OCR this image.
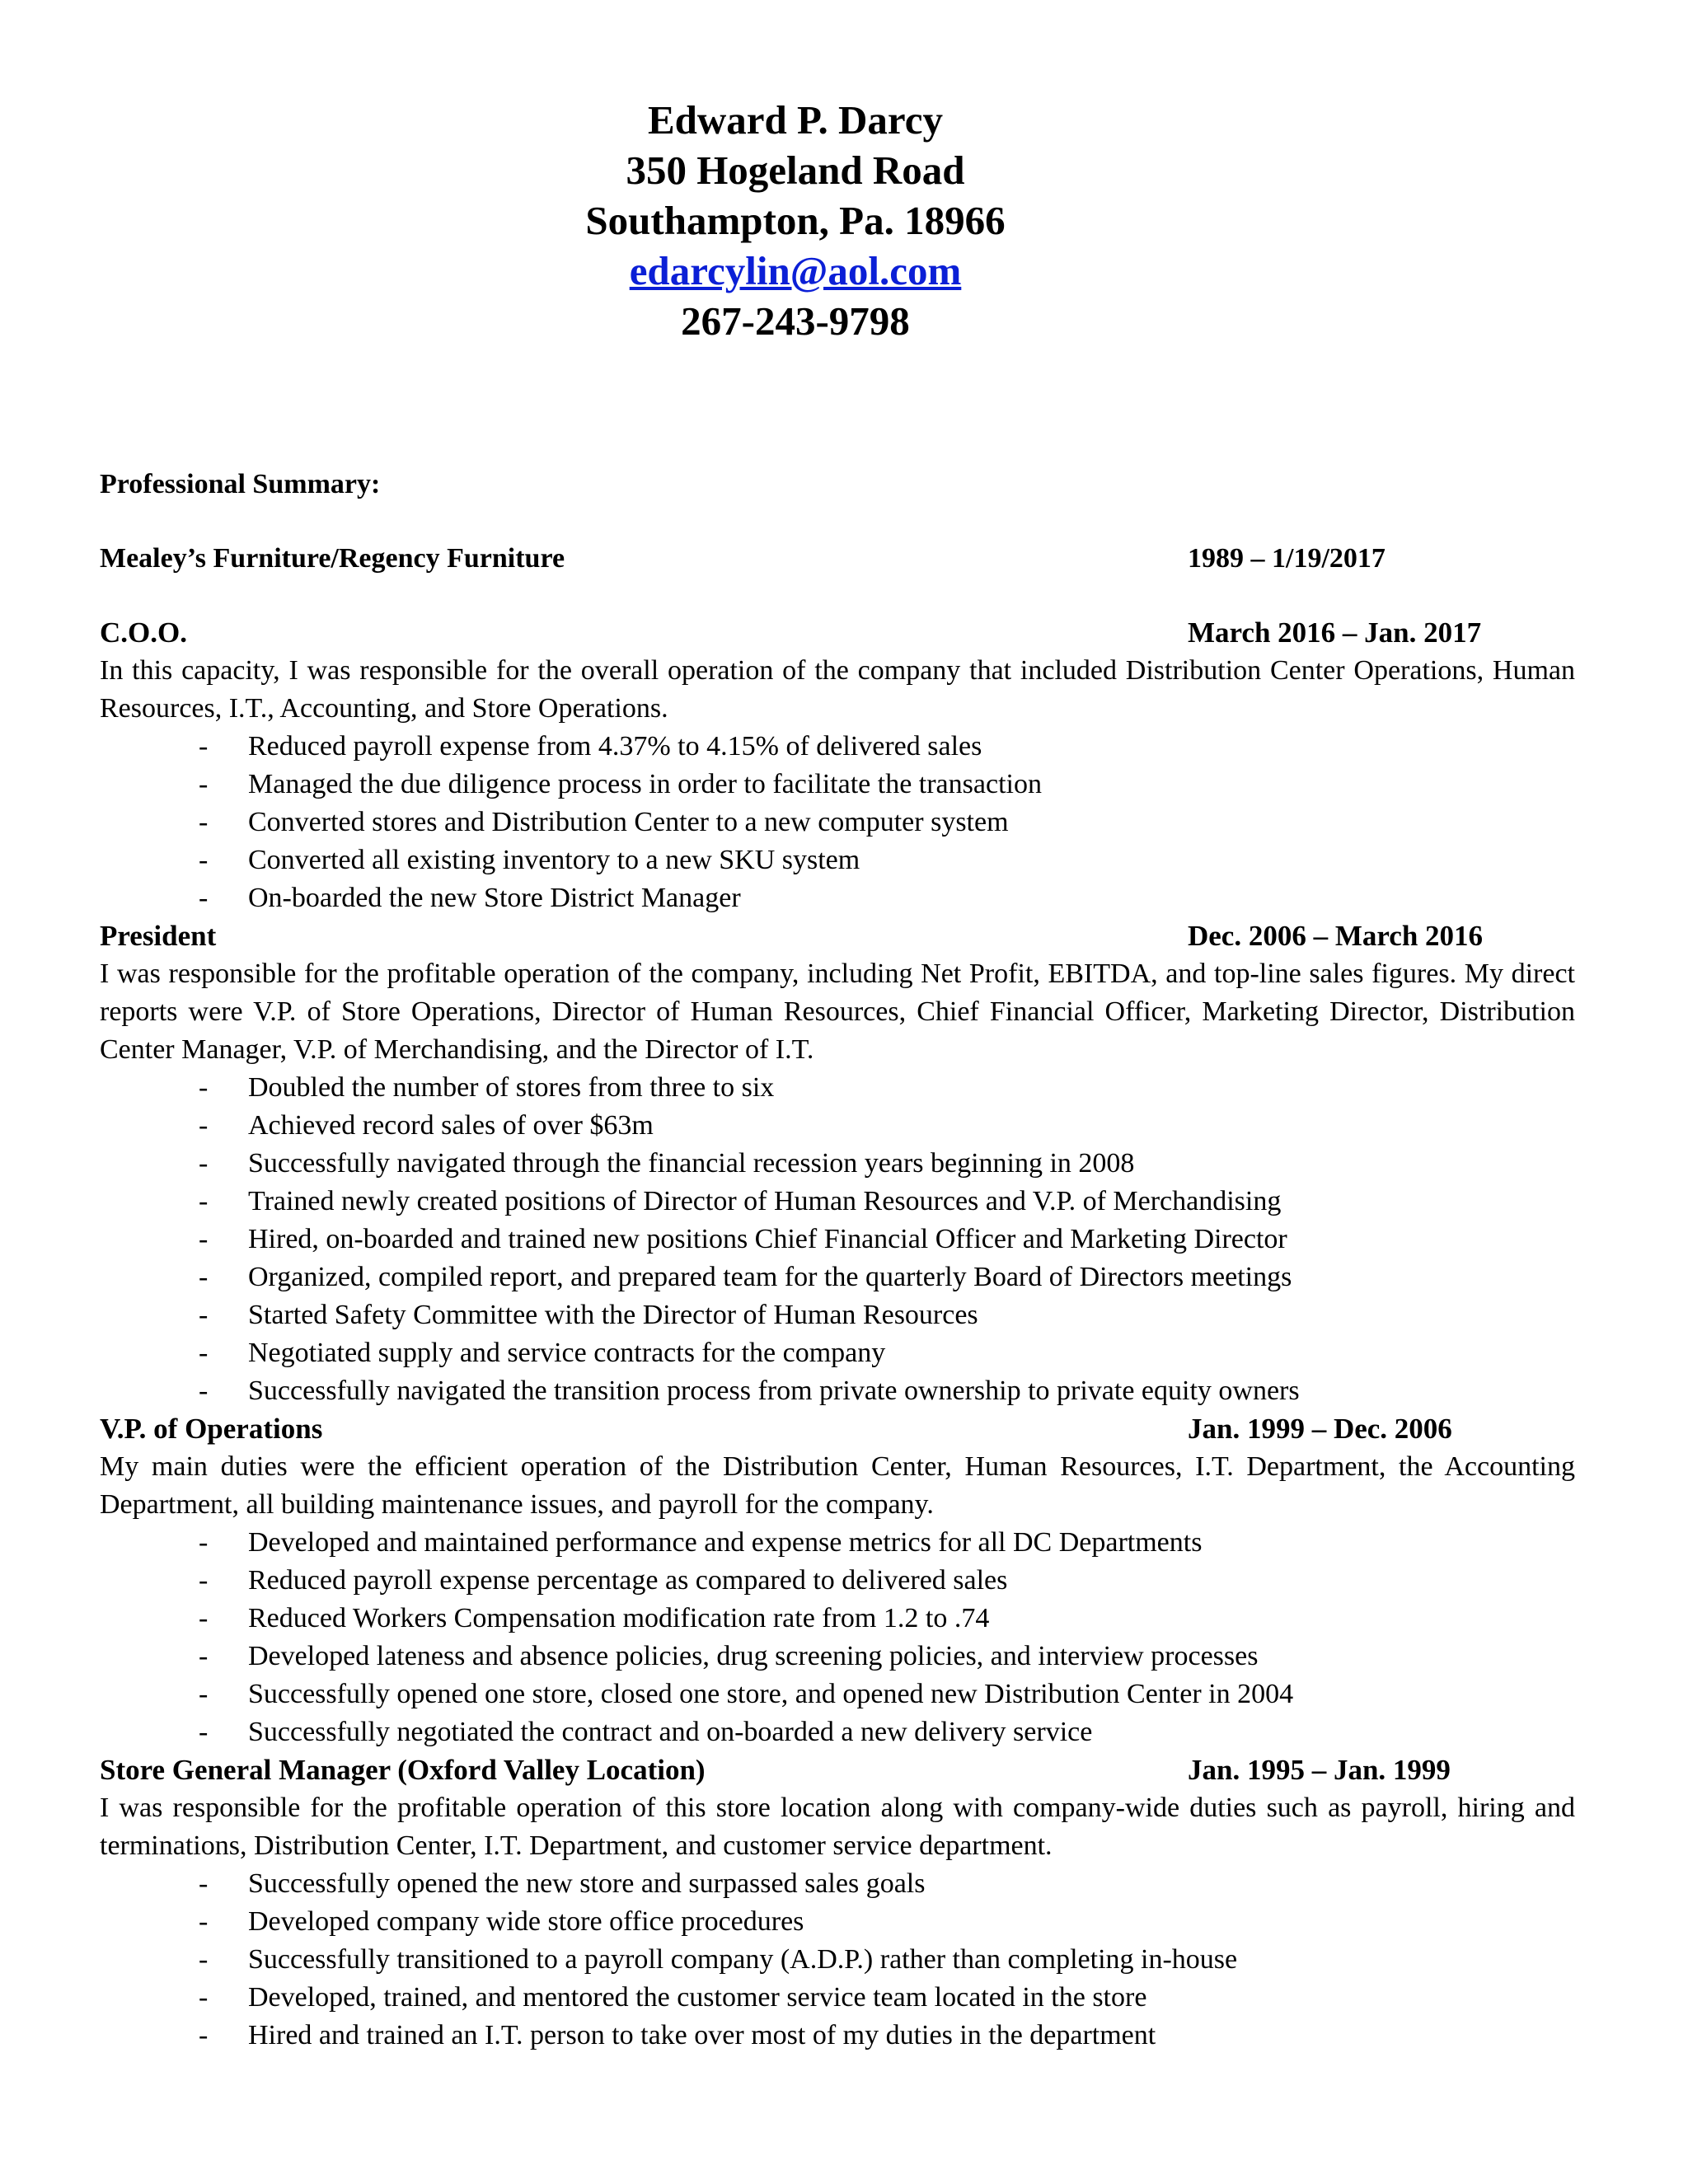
Edward P. Darcy
350 Hogeland Road
Southampton, Pa. 18966
edarcylin@aol.com
267-243-9798
Professional Summary:
Mealey’s Furniture/Regency Furniture	1989 – 1/19/2017
C.O.O.	March 2016 – Jan. 2017
In this capacity, I was responsible for the overall operation of the company that included Distribution Center Operations, Human Resources, I.T., Accounting, and Store Operations.
- Reduced payroll expense from 4.37% to 4.15% of delivered sales
- Managed the due diligence process in order to facilitate the transaction
- Converted stores and Distribution Center to a new computer system
- Converted all existing inventory to a new SKU system
- On-boarded the new Store District Manager
President	Dec. 2006 – March 2016
I was responsible for the profitable operation of the company, including Net Profit, EBITDA, and top-line sales figures. My direct reports were V.P. of Store Operations, Director of Human Resources, Chief Financial Officer, Marketing Director, Distribution Center Manager, V.P. of Merchandising, and the Director of I.T.
- Doubled the number of stores from three to six
- Achieved record sales of over $63m
- Successfully navigated through the financial recession years beginning in 2008
- Trained newly created positions of Director of Human Resources and V.P. of Merchandising
- Hired, on-boarded and trained new positions Chief Financial Officer and Marketing Director
- Organized, compiled report, and prepared team for the quarterly Board of Directors meetings
- Started Safety Committee with the Director of Human Resources
- Negotiated supply and service contracts for the company
- Successfully navigated the transition process from private ownership to private equity owners
V.P. of Operations	Jan. 1999 – Dec. 2006
My main duties were the efficient operation of the Distribution Center, Human Resources, I.T. Department, the Accounting Department, all building maintenance issues, and payroll for the company.
- Developed and maintained performance and expense metrics for all DC Departments
- Reduced payroll expense percentage as compared to delivered sales
- Reduced Workers Compensation modification rate from 1.2 to .74
- Developed lateness and absence policies, drug screening policies, and interview processes
- Successfully opened one store, closed one store, and opened new Distribution Center in 2004
- Successfully negotiated the contract and on-boarded a new delivery service
Store General Manager (Oxford Valley Location)	Jan. 1995 – Jan. 1999
I was responsible for the profitable operation of this store location along with company-wide duties such as payroll, hiring and terminations, Distribution Center, I.T. Department, and customer service department.
- Successfully opened the new store and surpassed sales goals
- Developed company wide store office procedures
- Successfully transitioned to a payroll company (A.D.P.) rather than completing in-house
- Developed, trained, and mentored the customer service team located in the store
- Hired and trained an I.T. person to take over most of my duties in the department
